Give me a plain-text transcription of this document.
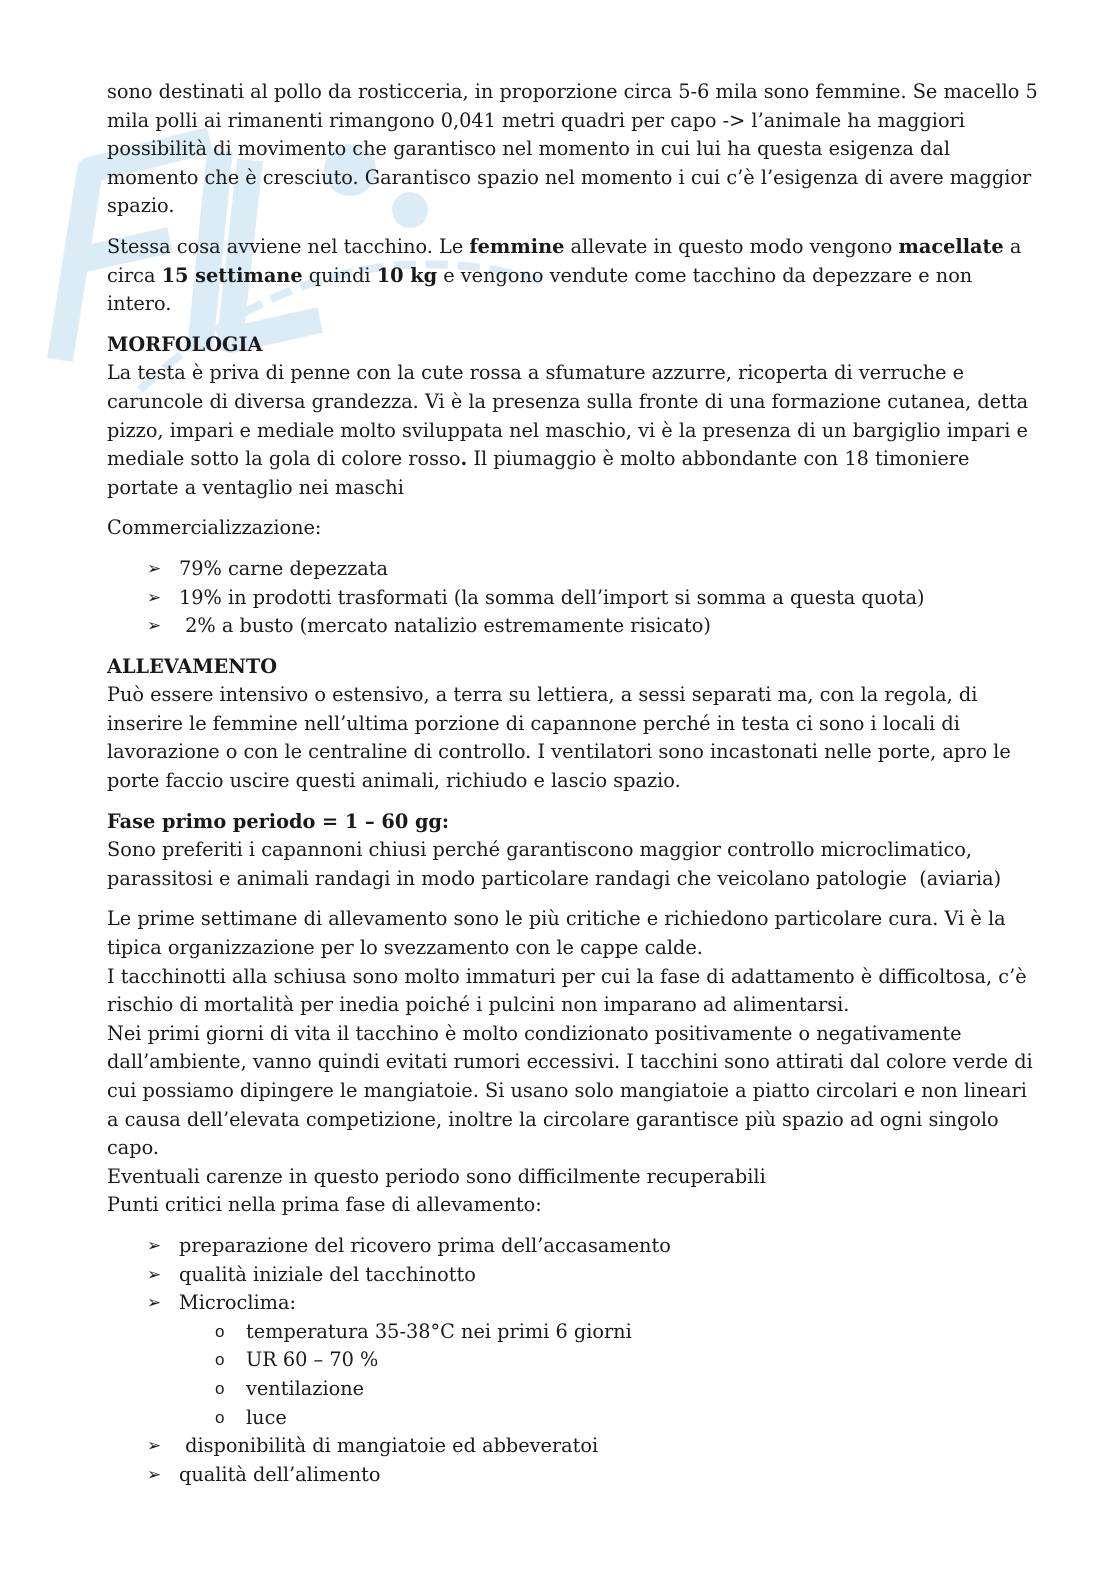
sono destinati al pollo da rosticceria, in proporzione circa 5-6 mila sono femmine. Se macello 5 mila polli ai rimanenti rimangono 0,041 metri quadri per capo -> l’animale ha maggiori possibilità di movimento che garantisco nel momento in cui lui ha questa esigenza dal momento che è cresciuto. Garantisco spazio nel momento i cui c’è l’esigenza di avere maggior spazio.

Stessa cosa avviene nel tacchino. Le femmine allevate in questo modo vengono macellate a circa 15 settimane quindi 10 kg e vengono vendute come tacchino da depezzare e non intero.

MORFOLOGIA

La testa è priva di penne con la cute rossa a sfumature azzurre, ricoperta di verruche e caruncole di diversa grandezza. Vi è la presenza sulla fronte di una formazione cutanea, detta pizzo, impari e mediale molto sviluppata nel maschio, vi è la presenza di un bargiglio impari e mediale sotto la gola di colore rosso. Il piumaggio è molto abbondante con 18 timoniere portate a ventaglio nei maschi

Commercializzazione:

➢ 79% carne depezzata
➢ 19% in prodotti trasformati (la somma dell’import si somma a questa quota)
➢  2% a busto (mercato natalizio estremamente risicato)
ALLEVAMENTO

Può essere intensivo o estensivo, a terra su lettiera, a sessi separati ma, con la regola, di inserire le femmine nell’ultima porzione di capannone perché in testa ci sono i locali di lavorazione o con le centraline di controllo. I ventilatori sono incastonati nelle porte, apro le porte faccio uscire questi animali, richiudo e lascio spazio.

Fase primo periodo = 1 – 60 gg:

Sono preferiti i capannoni chiusi perché garantiscono maggior controllo microclimatico, parassitosi e animali randagi in modo particolare randagi che veicolano patologie  (aviaria)

Le prime settimane di allevamento sono le più critiche e richiedono particolare cura. Vi è la tipica organizzazione per lo svezzamento con le cappe calde.

I tacchinotti alla schiusa sono molto immaturi per cui la fase di adattamento è difficoltosa, c’è rischio di mortalità per inedia poiché i pulcini non imparano ad alimentarsi.

Nei primi giorni di vita il tacchino è molto condizionato positivamente o negativamente dall’ambiente, vanno quindi evitati rumori eccessivi. I tacchini sono attirati dal colore verde di cui possiamo dipingere le mangiatoie. Si usano solo mangiatoie a piatto circolari e non lineari a causa dell’elevata competizione, inoltre la circolare garantisce più spazio ad ogni singolo capo.

Eventuali carenze in questo periodo sono difficilmente recuperabili

Punti critici nella prima fase di allevamento:

➢ preparazione del ricovero prima dell’accasamento
➢ qualità iniziale del tacchinotto
➢ Microclima:
o temperatura 35-38°C nei primi 6 giorni
o UR 60 – 70 %
o ventilazione
o luce
➢  disponibilità di mangiatoie ed abbeveratoi
➢ qualità dell’alimento
